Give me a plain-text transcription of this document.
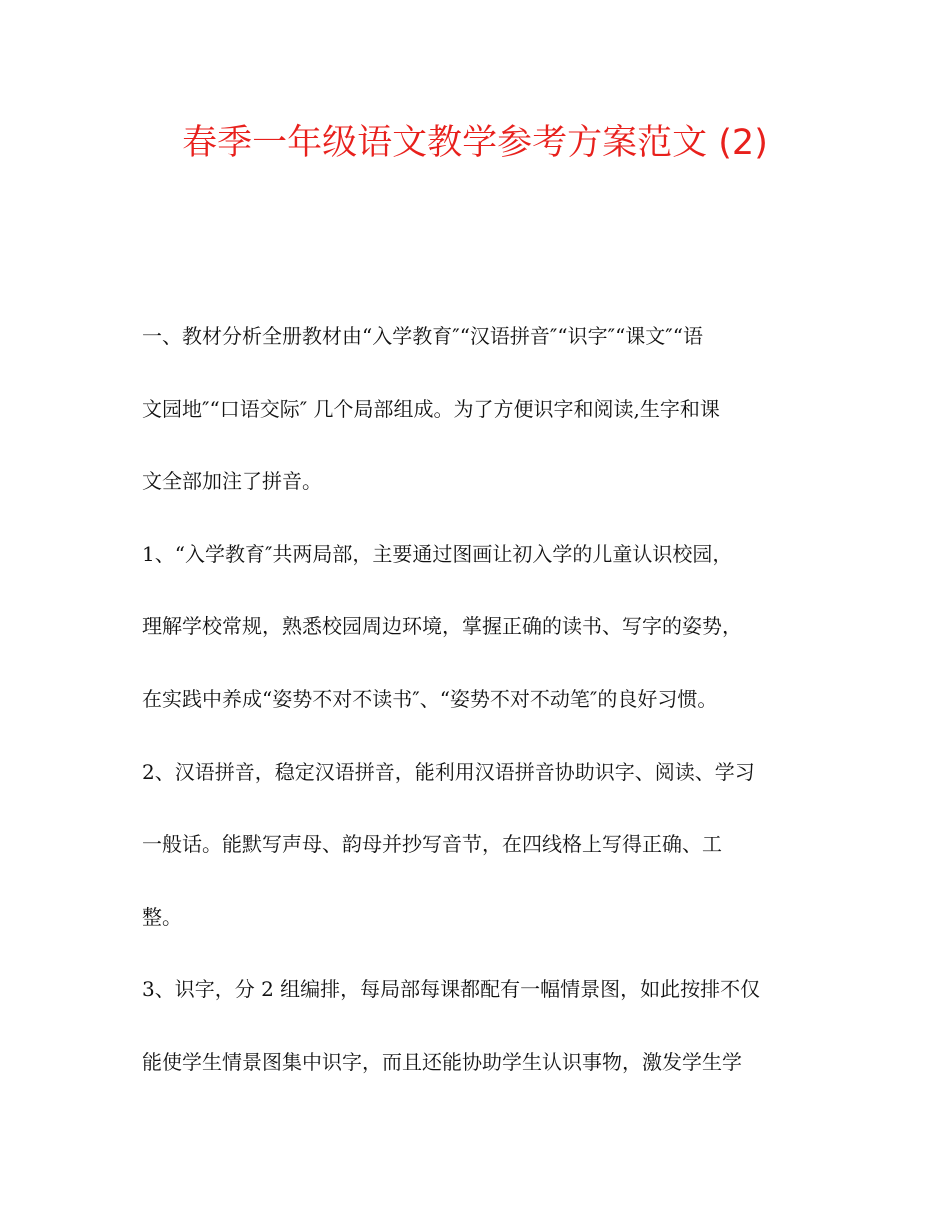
春季一年级语文教学参考方案范文 (2)
一、教材分析全册教材由“入学教育″“汉语拼音″“识字″“课文″“语
文园地″“口语交际″ 几个局部组成。为了方便识字和阅读,生字和课
文全部加注了拼音。
1、“入学教育″共两局部，主要通过图画让初入学的儿童认识校园，
理解学校常规，熟悉校园周边环境，掌握正确的读书、写字的姿势，
在实践中养成“姿势不对不读书″、“姿势不对不动笔″的良好习惯。
2、汉语拼音，稳定汉语拼音，能利用汉语拼音协助识字、阅读、学习
一般话。能默写声母、韵母并抄写音节，在四线格上写得正确、工
整。
3、识字，分 2 组编排，每局部每课都配有一幅情景图，如此按排不仅
能使学生情景图集中识字，而且还能协助学生认识事物，激发学生学
